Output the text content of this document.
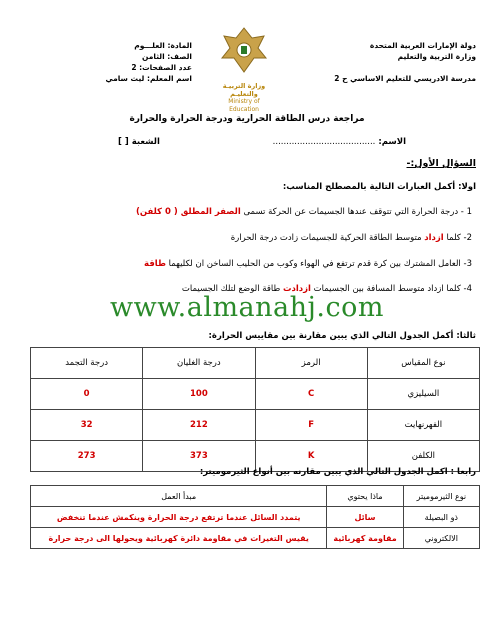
دولة الإمارات العربية المتحدة
وزارة التربية والتعليم
مدرسة الادريسي للتعليم الاساسي ح 2
المادة: العلـــوم
الصف: الثامن
عدد الصفحات: 2
اسم المعلم: ليث سامي
وزارة التربيـة والتعليـم
Ministry of Education
مراجعة درس الطاقة الحرارية ودرجة الحرارة والحرارة
الاسم: ......................................
الشعبة [ ]
السؤال الأول:-
اولا: أكمل العبارات التالية بالمصطلح المناسب:
1 - درجة الحرارة التي تتوقف عندها الجسيمات عن الحركة تسمى الصفر المطلق ( 0 كلفن)
2- كلما ازداد متوسط الطاقة الحركية للجسيمات زادت درجة الحرارة
3- العامل المشترك بين كرة قدم ترتفع في الهواء وكوب من الحليب الساخن ان لكليهما طاقة
4- كلما ازداد متوسط المسافة بين الجسيمات ازدادت طاقة الوضع لتلك الجسيمات
www.almanahj.com
ثالثا: أكمل الجدول التالي الذي يبين مقارنة بين مقاييس الحرارة:
نوع المقياس	الرمز	درجة الغليان	درجة التجمد
السيليزي	C	100	0
الفهرنهايت	F	212	32
الكلفن	K	373	273
رابعا : اكمل الجدول التالي الذي يبين مقارنه بين أنواع الثيرموميتر:
نوع الثيرموميتر	ماذا يحتوي	مبدأ العمل
ذو البصيلة	سائل	يتمدد السائل عندما ترتفع درجة الحرارة وينكمش عندما تنخفض
الالكتروني	مقاومة كهربائية	يقيس التغيرات في مقاومة دائرة كهربائية ويحولها الى درجة حرارة
